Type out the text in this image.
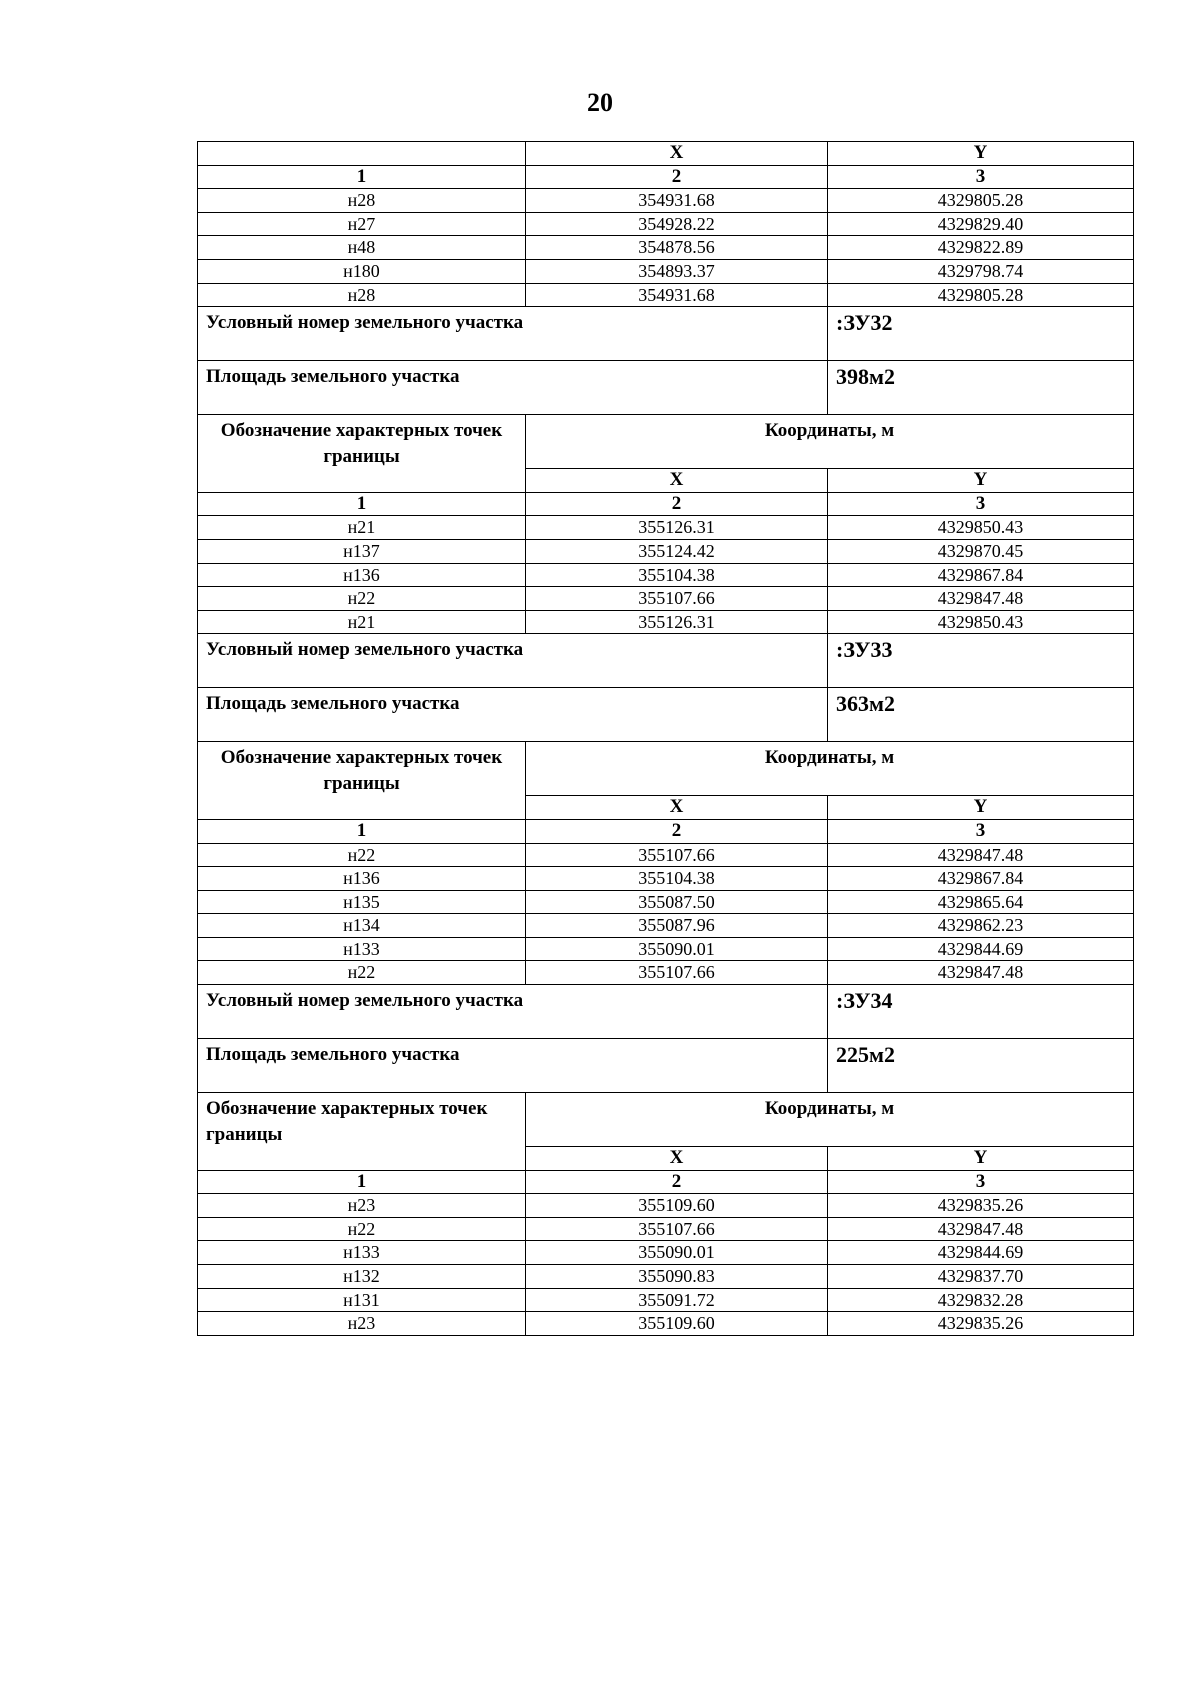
20
	X	Y
1	2	3
н28	354931.68	4329805.28
н27	354928.22	4329829.40
н48	354878.56	4329822.89
н180	354893.37	4329798.74
н28	354931.68	4329805.28
Условный номер земельного участка		:ЗУ32
Площадь земельного участка		398м2
Обозначение характерных точек границы	Координаты, м	
	X	Y
1	2	3
н21	355126.31	4329850.43
н137	355124.42	4329870.45
н136	355104.38	4329867.84
н22	355107.66	4329847.48
н21	355126.31	4329850.43
Условный номер земельного участка		:ЗУ33
Площадь земельного участка		363м2
Обозначение характерных точек границы	Координаты, м	
	X	Y
1	2	3
н22	355107.66	4329847.48
н136	355104.38	4329867.84
н135	355087.50	4329865.64
н134	355087.96	4329862.23
н133	355090.01	4329844.69
н22	355107.66	4329847.48
Условный номер земельного участка		:ЗУ34
Площадь земельного участка		225м2
Обозначение характерных точек границы	Координаты, м	
	X	Y
1	2	3
н23	355109.60	4329835.26
н22	355107.66	4329847.48
н133	355090.01	4329844.69
н132	355090.83	4329837.70
н131	355091.72	4329832.28
н23	355109.60	4329835.26
